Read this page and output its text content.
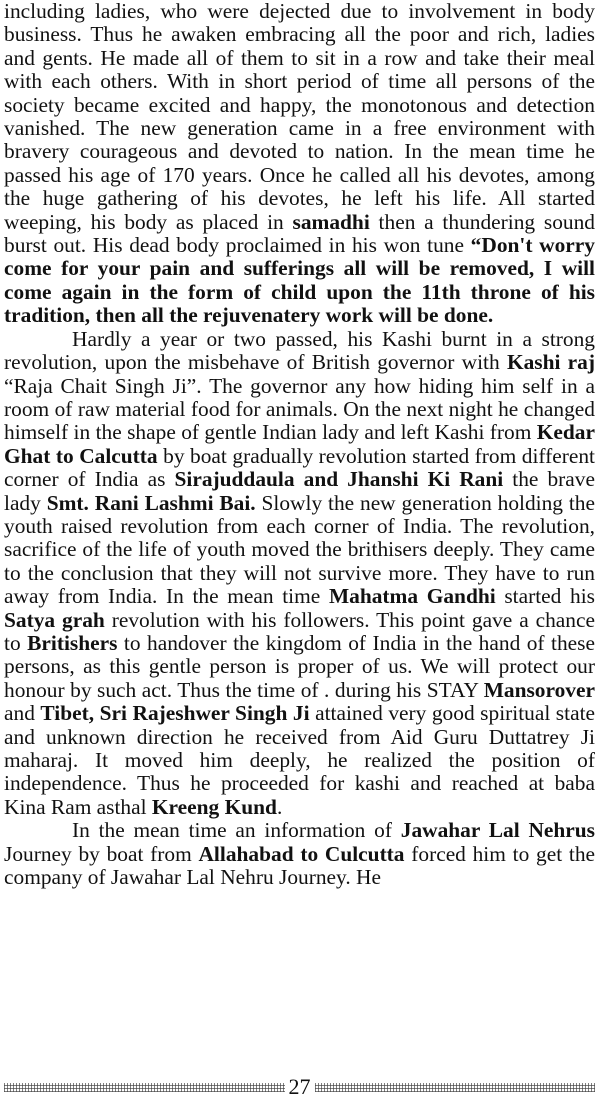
including ladies, who were dejected due to involvement in body business. Thus he awaken embracing all the poor and rich, ladies and gents. He made all of them to sit in a row and take their meal with each others. With in short period of time all persons of the society became excited and happy, the monotonous and detection vanished. The new generation came in a free environment with bravery courageous and devoted to nation. In the mean time he passed his age of 170 years. Once he called all his devotes, among the huge gathering of his devotes, he left his life. All started weeping, his body as placed in samadhi then a thundering sound burst out. His dead body proclaimed in his won tune “Don't worry come for your pain and sufferings all will be removed, I will come again in the form of child upon the 11th throne of his tradition, then all the rejuvenatery work will be done.

Hardly a year or two passed, his Kashi burnt in a strong revolution, upon the misbehave of British governor with Kashi raj “Raja Chait Singh Ji”. The governor any how hiding him self in a room of raw material food for animals. On the next night he changed himself in the shape of gentle Indian lady and left Kashi from Kedar Ghat to Calcutta by boat gradually revolution started from different corner of India as Sirajuddaula and Jhanshi Ki Rani the brave lady Smt. Rani Lashmi Bai. Slowly the new generation holding the youth raised revolution from each corner of India. The revolution, sacrifice of the life of youth moved the brithisers deeply. They came to the conclusion that they will not survive more. They have to run away from India. In the mean time Mahatma Gandhi started his Satya grah revolution with his followers. This point gave a chance to Britishers to handover the kingdom of India in the hand of these persons, as this gentle person is proper of us. We will protect our honour by such act. Thus the time of . during his STAY Mansorover and Tibet, Sri Rajeshwer Singh Ji attained very good spiritual state and unknown direction he received from Aid Guru Duttatrey Ji maharaj. It moved him deeply, he realized the position of independence. Thus he proceeded for kashi and reached at baba Kina Ram asthal Kreeng Kund.

In the mean time an information of Jawahar Lal Nehrus Journey by boat from Allahabad to Culcutta forced him to get the company of Jawahar Lal Nehru Journey. He

27
